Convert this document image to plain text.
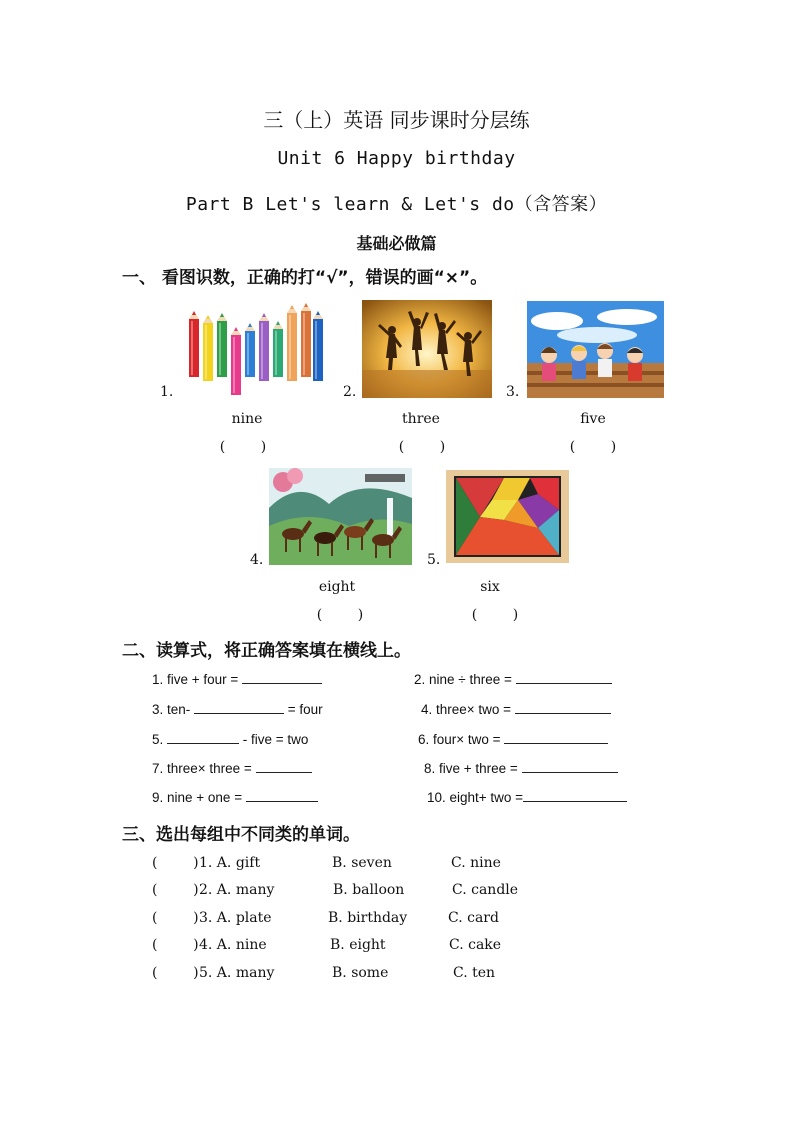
三（上）英语 同步课时分层练
Unit 6 Happy birthday
Part B Let's learn & Let's do（含答案）
基础必做篇
一、 看图识数，正确的打“√”，错误的画“×”。
1.	2.	3.
nine	three	five
(        )	(        )	(        )
4.	5.
eight	six
(        )	(        )
二、读算式，将正确答案填在横线上。
1. five + four =	2. nine ÷ three =
3. ten-	= four	4. three× two =
5.	- five = two	6. four× two =
7. three× three =	8. five + three =
9. nine + one =	10. eight+ two =
三、选出每组中不同类的单词。
(        ) 1. A. gift	B. seven	C. nine
(        ) 2. A. many	B. balloon	C. candle
(        ) 3. A. plate	B. birthday	C. card
(        ) 4. A. nine	B. eight	C. cake
(        ) 5. A. many	B. some	C. ten
